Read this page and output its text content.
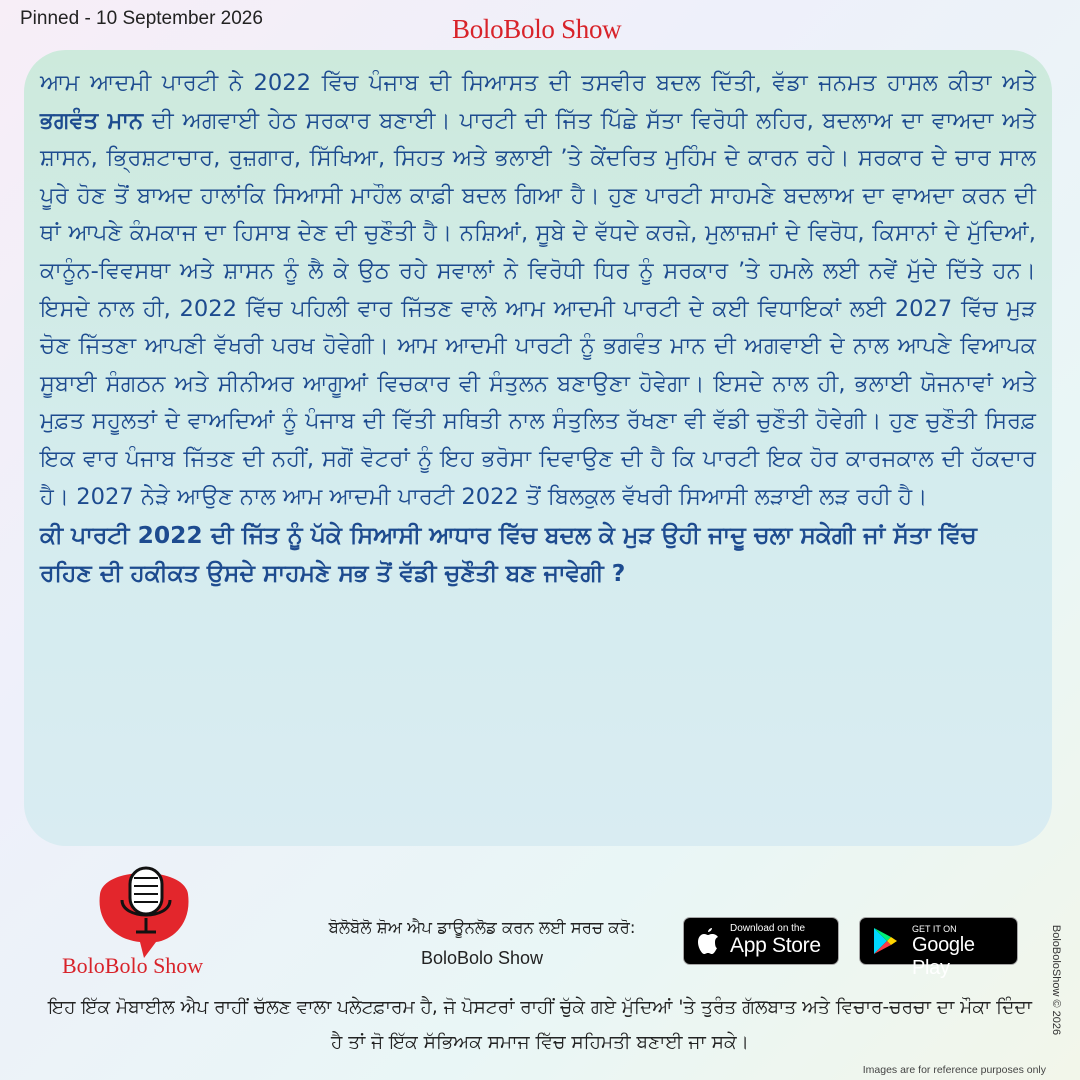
Pinned - 10 September 2026	BoloBolo Show

ਆਮ ਆਦਮੀ ਪਾਰਟੀ ਨੇ 2022 ਵਿੱਚ ਪੰਜਾਬ ਦੀ ਸਿਆਸਤ ਦੀ ਤਸਵੀਰ ਬਦਲ ਦਿੱਤੀ, ਵੱਡਾ ਜਨਮਤ ਹਾਸਲ ਕੀਤਾ ਅਤੇ ਭਗਵੰਤ ਮਾਨ ਦੀ ਅਗਵਾਈ ਹੇਠ ਸਰਕਾਰ ਬਣਾਈ। ਪਾਰਟੀ ਦੀ ਜਿੱਤ ਪਿੱਛੇ ਸੱਤਾ ਵਿਰੋਧੀ ਲਹਿਰ, ਬਦਲਾਅ ਦਾ ਵਾਅਦਾ ਅਤੇ ਸ਼ਾਸਨ, ਭ੍ਰਿਸ਼ਟਾਚਾਰ, ਰੁਜ਼ਗਾਰ, ਸਿੱਖਿਆ, ਸਿਹਤ ਅਤੇ ਭਲਾਈ ’ਤੇ ਕੇਂਦਰਿਤ ਮੁਹਿੰਮ ਦੇ ਕਾਰਨ ਰਹੇ। ਸਰਕਾਰ ਦੇ ਚਾਰ ਸਾਲ ਪੂਰੇ ਹੋਣ ਤੋਂ ਬਾਅਦ ਹਾਲਾਂਕਿ ਸਿਆਸੀ ਮਾਹੌਲ ਕਾਫ਼ੀ ਬਦਲ ਗਿਆ ਹੈ। ਹੁਣ ਪਾਰਟੀ ਸਾਹਮਣੇ ਬਦਲਾਅ ਦਾ ਵਾਅਦਾ ਕਰਨ ਦੀ ਥਾਂ ਆਪਣੇ ਕੰਮਕਾਜ ਦਾ ਹਿਸਾਬ ਦੇਣ ਦੀ ਚੁਣੌਤੀ ਹੈ। ਨਸ਼ਿਆਂ, ਸੂਬੇ ਦੇ ਵੱਧਦੇ ਕਰਜ਼ੇ, ਮੁਲਾਜ਼ਮਾਂ ਦੇ ਵਿਰੋਧ, ਕਿਸਾਨਾਂ ਦੇ ਮੁੱਦਿਆਂ, ਕਾਨੂੰਨ-ਵਿਵਸਥਾ ਅਤੇ ਸ਼ਾਸਨ ਨੂੰ ਲੈ ਕੇ ਉਠ ਰਹੇ ਸਵਾਲਾਂ ਨੇ ਵਿਰੋਧੀ ਧਿਰ ਨੂੰ ਸਰਕਾਰ ’ਤੇ ਹਮਲੇ ਲਈ ਨਵੇਂ ਮੁੱਦੇ ਦਿੱਤੇ ਹਨ। ਇਸਦੇ ਨਾਲ ਹੀ, 2022 ਵਿੱਚ ਪਹਿਲੀ ਵਾਰ ਜਿੱਤਣ ਵਾਲੇ ਆਮ ਆਦਮੀ ਪਾਰਟੀ ਦੇ ਕਈ ਵਿਧਾਇਕਾਂ ਲਈ 2027 ਵਿੱਚ ਮੁੜ ਚੋਣ ਜਿੱਤਣਾ ਆਪਣੀ ਵੱਖਰੀ ਪਰਖ ਹੋਵੇਗੀ। ਆਮ ਆਦਮੀ ਪਾਰਟੀ ਨੂੰ ਭਗਵੰਤ ਮਾਨ ਦੀ ਅਗਵਾਈ ਦੇ ਨਾਲ ਆਪਣੇ ਵਿਆਪਕ ਸੂਬਾਈ ਸੰਗਠਨ ਅਤੇ ਸੀਨੀਅਰ ਆਗੂਆਂ ਵਿਚਕਾਰ ਵੀ ਸੰਤੁਲਨ ਬਣਾਉਣਾ ਹੋਵੇਗਾ। ਇਸਦੇ ਨਾਲ ਹੀ, ਭਲਾਈ ਯੋਜਨਾਵਾਂ ਅਤੇ ਮੁਫ਼ਤ ਸਹੂਲਤਾਂ ਦੇ ਵਾਅਦਿਆਂ ਨੂੰ ਪੰਜਾਬ ਦੀ ਵਿੱਤੀ ਸਥਿਤੀ ਨਾਲ ਸੰਤੁਲਿਤ ਰੱਖਣਾ ਵੀ ਵੱਡੀ ਚੁਣੌਤੀ ਹੋਵੇਗੀ। ਹੁਣ ਚੁਣੌਤੀ ਸਿਰਫ਼ ਇਕ ਵਾਰ ਪੰਜਾਬ ਜਿੱਤਣ ਦੀ ਨਹੀਂ, ਸਗੋਂ ਵੋਟਰਾਂ ਨੂੰ ਇਹ ਭਰੋਸਾ ਦਿਵਾਉਣ ਦੀ ਹੈ ਕਿ ਪਾਰਟੀ ਇਕ ਹੋਰ ਕਾਰਜਕਾਲ ਦੀ ਹੱਕਦਾਰ ਹੈ। 2027 ਨੇੜੇ ਆਉਣ ਨਾਲ ਆਮ ਆਦਮੀ ਪਾਰਟੀ 2022 ਤੋਂ ਬਿਲਕੁਲ ਵੱਖਰੀ ਸਿਆਸੀ ਲੜਾਈ ਲੜ ਰਹੀ ਹੈ।

ਕੀ ਪਾਰਟੀ 2022 ਦੀ ਜਿੱਤ ਨੂੰ ਪੱਕੇ ਸਿਆਸੀ ਆਧਾਰ ਵਿੱਚ ਬਦਲ ਕੇ ਮੁੜ ਉਹੀ ਜਾਦੂ ਚਲਾ ਸਕੇਗੀ ਜਾਂ ਸੱਤਾ ਵਿੱਚ ਰਹਿਣ ਦੀ ਹਕੀਕਤ ਉਸਦੇ ਸਾਹਮਣੇ ਸਭ ਤੋਂ ਵੱਡੀ ਚੁਣੌਤੀ ਬਣ ਜਾਵੇਗੀ ?

BoloBolo Show
ਬੋਲੋਬੋਲੋ ਸ਼ੋਅ ਐਪ ਡਾਊਨਲੋਡ ਕਰਨ ਲਈ ਸਰਚ ਕਰੋ:
BoloBolo Show
Download on the
App Store
GET IT ON
Google Play	BoloBoloShow © 2026
ਇਹ ਇੱਕ ਮੋਬਾਈਲ ਐਪ ਰਾਹੀਂ ਚੱਲਣ ਵਾਲਾ ਪਲੇਟਫ਼ਾਰਮ ਹੈ, ਜੋ ਪੋਸਟਰਾਂ ਰਾਹੀਂ ਚੁੱਕੇ ਗਏ ਮੁੱਦਿਆਂ 'ਤੇ ਤੁਰੰਤ ਗੱਲਬਾਤ ਅਤੇ ਵਿਚਾਰ-ਚਰਚਾ ਦਾ ਮੌਕਾ ਦਿੰਦਾ ਹੈ ਤਾਂ ਜੋ ਇੱਕ ਸੱਭਿਅਕ ਸਮਾਜ ਵਿੱਚ ਸਹਿਮਤੀ ਬਣਾਈ ਜਾ ਸਕੇ।
Images are for reference purposes only
